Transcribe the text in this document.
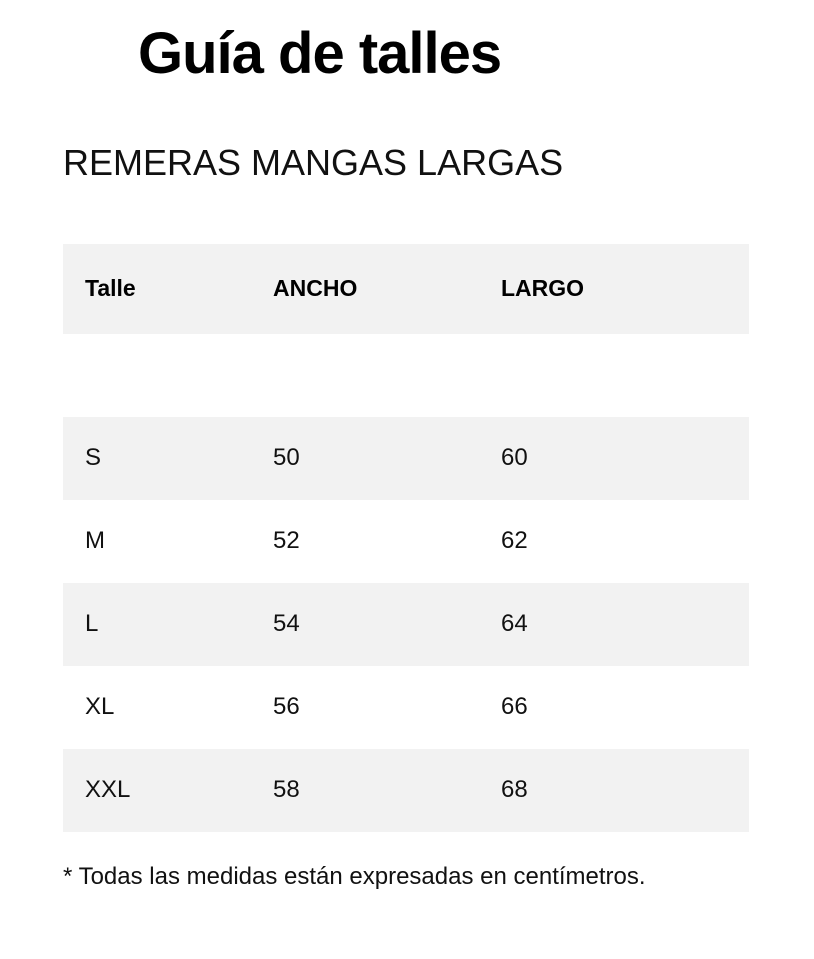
Guía de talles
REMERAS MANGAS LARGAS
Talle	ANCHO	LARGO

S	50	60
M	52	62
L	54	64
XL	56	66
XXL	58	68

* Todas las medidas están expresadas en centímetros.
